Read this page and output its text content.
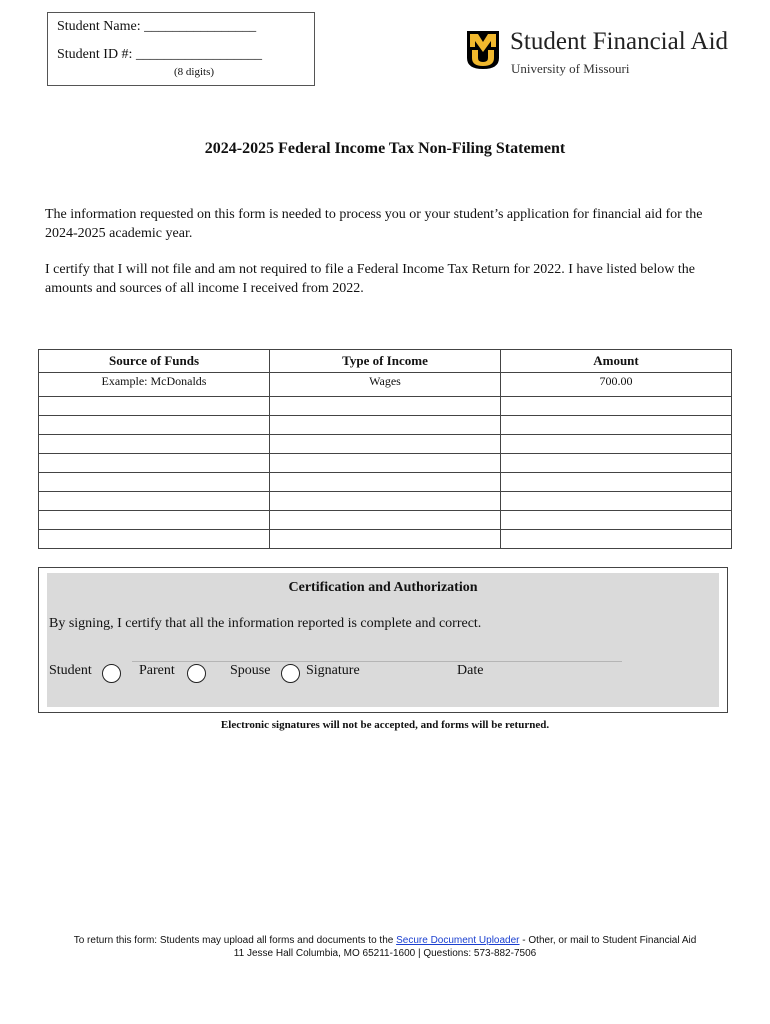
Student Name: ________________
Student ID #: __________________
(8 digits)
Student Financial Aid
University of Missouri
2024-2025 Federal Income Tax Non-Filing Statement
The information requested on this form is needed to process you or your student’s application for financial aid for the 2024-2025 academic year.
I certify that I will not file and am not required to file a Federal Income Tax Return for 2022. I have listed below the amounts and sources of all income I received from 2022.
Source of Funds	Type of Income	Amount
Example: McDonalds	Wages	700.00

Certification and Authorization
By signing, I certify that all the information reported is complete and correct.
Student	Parent	Spouse	Signature	Date
Electronic signatures will not be accepted, and forms will be returned.
To return this form: Students may upload all forms and documents to the Secure Document Uploader - Other, or mail to Student Financial Aid
11 Jesse Hall Columbia, MO 65211-1600 | Questions: 573-882-7506
